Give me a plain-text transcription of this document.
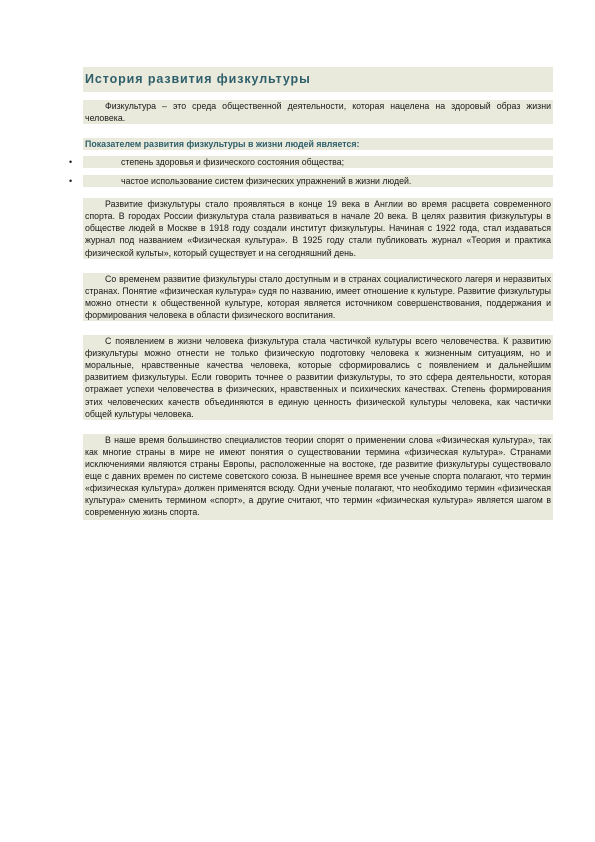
История развития физкультуры
Физкультура – это среда общественной деятельности, которая нацелена на здоровый образ жизни человека.
Показателем развития физкультуры в жизни людей является:
•	степень здоровья и физического состояния общества;
•	частое использование систем физических упражнений в жизни людей.
Развитие физкультуры стало проявляться в конце 19 века в Англии во время расцвета современного спорта. В городах России физкультура стала развиваться в начале 20 века. В целях развития физкультуры в обществе людей в Москве в 1918 году создали институт физкультуры. Начиная с 1922 года, стал издаваться журнал под названием «Физическая культура». В 1925 году стали публиковать журнал «Теория и практика физической культы», который существует и на сегодняшний день.
Со временем развитие физкультуры стало доступным и в странах социалистического лагеря и неразвитых странах. Понятие «физическая культура» судя по названию, имеет отношение к культуре. Развитие физкультуры можно отнести к общественной культуре, которая является источником совершенствования, поддержания и формирования человека в области физического воспитания.
С появлением в жизни человека физкультура стала частичкой культуры всего человечества. К развитию физкультуры можно отнести не только физическую подготовку человека к жизненным ситуациям, но и моральные, нравственные качества человека, которые сформировались с появлением и дальнейшим развитием физкультуры. Если говорить точнее о развитии физкультуры, то это сфера деятельности, которая отражает успехи человечества в физических, нравственных и психических качествах. Степень формирования этих человеческих качеств объединяются в единую ценность физической культуры человека, как частички общей культуры человека.
В наше время большинство специалистов теории спорят о применении слова «Физическая культура», так как многие страны в мире не имеют понятия о существовании термина «физическая культура». Странами исключениями являются страны Европы, расположенные на востоке, где развитие физкультуры существовало еще с давних времен по системе советского союза. В нынешнее время все ученые спорта полагают, что термин «физическая культура» должен применятся всюду. Одни ученые полагают, что необходимо термин «физическая культура» сменить термином «спорт», а другие считают, что термин «физическая культура» является шагом в современную жизнь спорта.
